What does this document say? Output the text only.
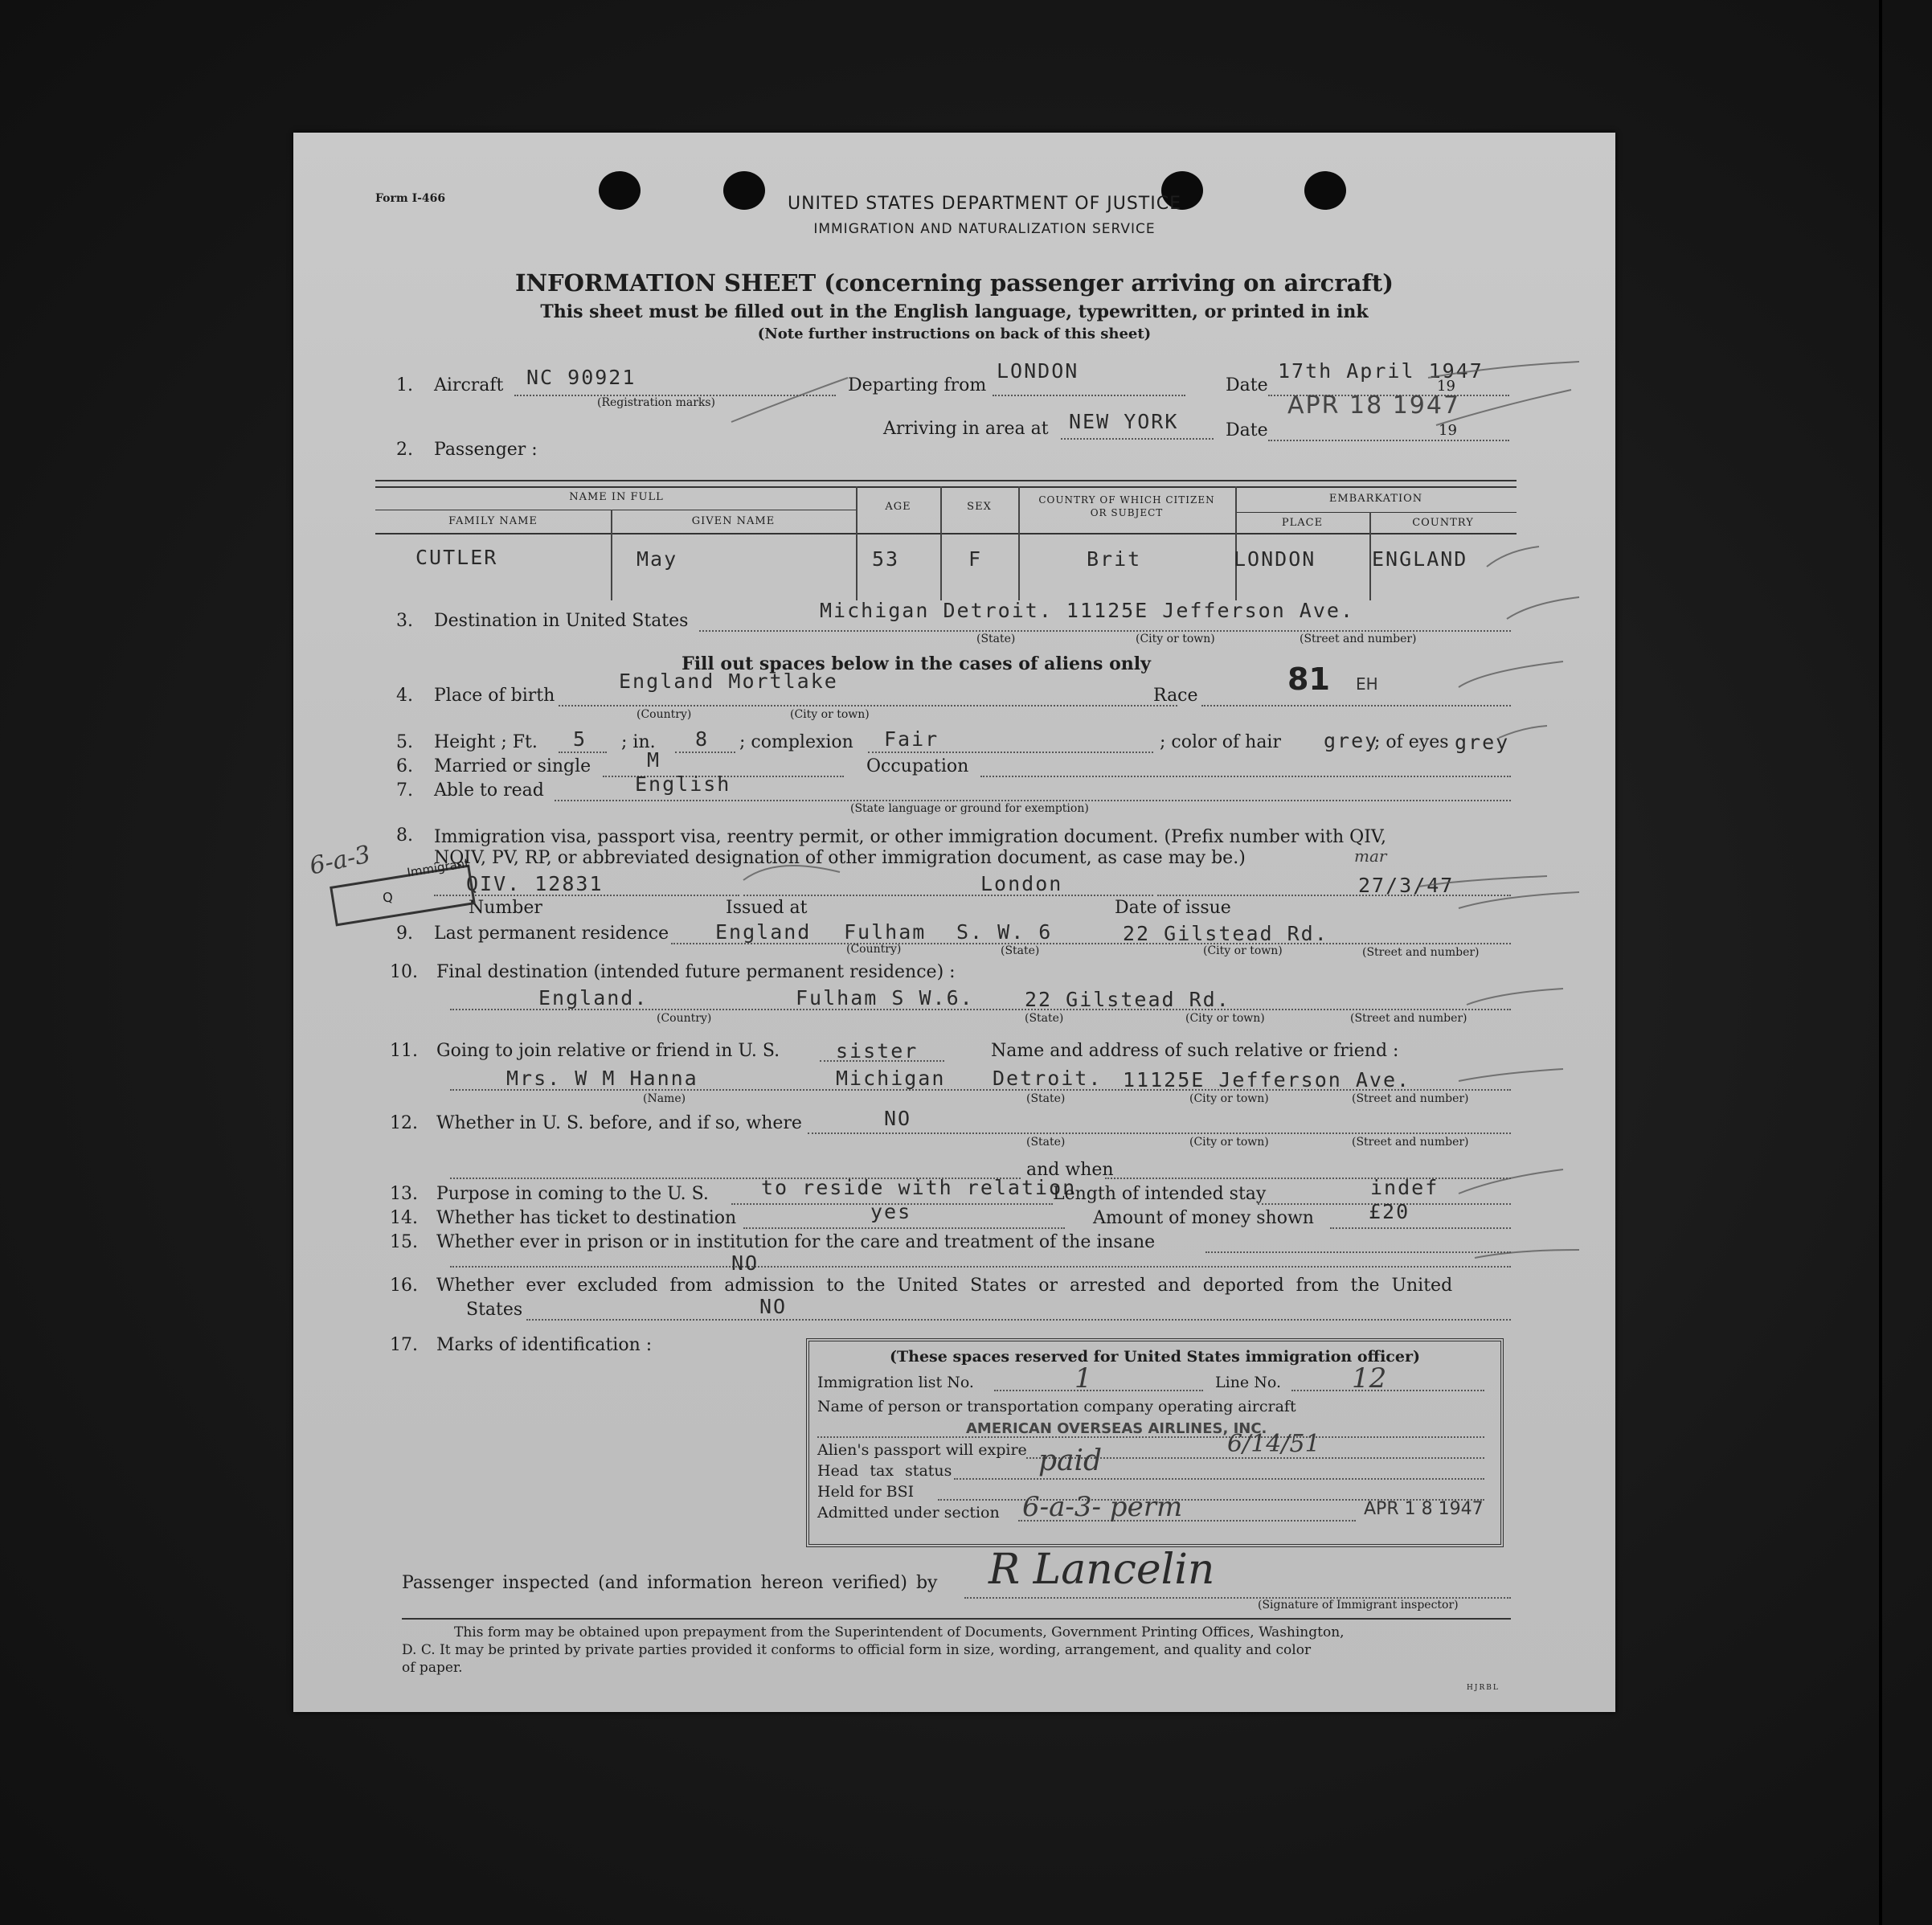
Form I-466	UNITED STATES DEPARTMENT OF JUSTICE
IMMIGRATION AND NATURALIZATION SERVICE
INFORMATION SHEET (concerning passenger arriving on aircraft)
This sheet must be filled out in the English language, typewritten, or printed in ink
(Note further instructions on back of this sheet)
1. Aircraft NC 90921
(Registration marks)
Departing from
LONDON
Date
17th April 1947
19
Arriving in area at NEW YORK	Date
APR 18 1947
19
2. Passenger :
NAME IN FULL
FAMILY NAME	GIVEN NAME
AGE	SEX
COUNTRY OF WHICH CITIZEN
OR SUBJECT
EMBARKATION
PLACE	COUNTRY
CUTLER	May	53	F	Brit	LONDON	ENGLAND
3. Destination in United States	Michigan Detroit. 11125E Jefferson Ave.
(State)	(City or town)	(Street and number)
Fill out spaces below in the cases of aliens only
4. Place of birth
England Mortlake
(Country)	(City or town)
Race	81 EH
5. Height ; Ft. 5 ; in. 8 ; complexion Fair	; color of hair grey
; of eyes grey
6. Married or single	M	Occupation
7. Able to read	English
(State language or ground for exemption)
8. Immigration visa, passport visa, reentry permit, or other immigration document. (Prefix number with QIV,
NQIV, PV, RP, or abbreviated designation of other immigration document, as case may be.)
QIV. 12831	London	27/3/47
Number	Issued at	Date of issue
6-a-3	mar
Q
Immigrant
9. Last permanent residence England Fulham S. W. 6	22 Gilstead Rd.
(Country)	(State)	(City or town)	(Street and number)
10. Final destination (intended future permanent residence) :
England.	Fulham S W.6.	22 Gilstead Rd.
(Country)	(State)	(City or town)	(Street and number)
11. Going to join relative or friend in U. S.	sister	Name and address of such relative or friend :
Mrs. W M Hanna	Michigan Detroit. 11125E Jefferson Ave.
(Name)	(State)	(City or town)	(Street and number)
12. Whether in U. S. before, and if so, where	NO
(State)	(City or town)	(Street and number)
and when
13. Purpose in coming to the U. S.	to reside with relation
Length of intended stay	indef
14. Whether has ticket to destination	yes	Amount of money shown	£20
15. Whether ever in prison or in institution for the care and treatment of the insane
NO
16. Whether ever excluded from admission to the United States or arrested and deported from the United
States	NO
17. Marks of identification :
(These spaces reserved for United States immigration officer)
Immigration list No.	1	Line No.	12
Name of person or transportation company operating aircraft
AMERICAN OVERSEAS AIRLINES, INC.
Alien's passport will expire	6/14/51
Head tax status	paid
Held for BSI
Admitted under section 6-a-3- perm	APR 1 8 1947
Passenger inspected (and information hereon verified) by R Lancelin
(Signature of Immigrant inspector)
This form may be obtained upon prepayment from the Superintendent of Documents, Government Printing Offices, Washington,
D. C. It may be printed by private parties provided it conforms to official form in size, wording, arrangement, and quality and color
of paper.
HJRBL
